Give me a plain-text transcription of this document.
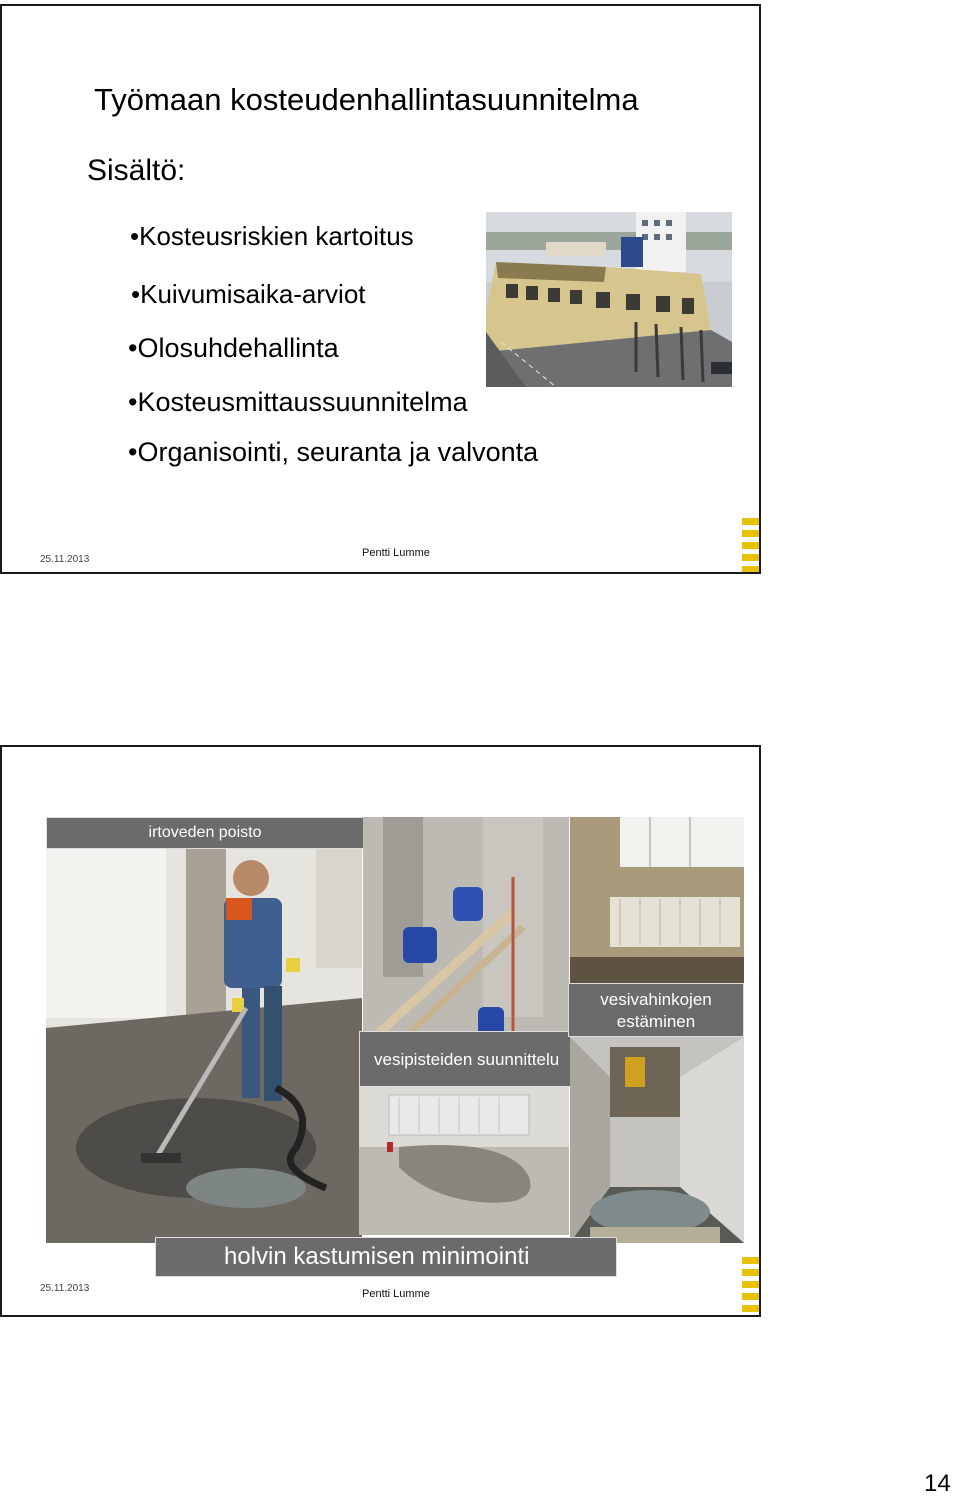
Työmaan kosteudenhallintasuunnitelma
Sisältö:
• Kosteusriskien kartoitus
• Kuivumisaika-arviot
• Olosuhdehallinta
• Kosteusmittaussuunnitelma
• Organisointi, seuranta ja valvonta
25.11.2013
Pentti Lumme
irtoveden poisto
vesipisteiden suunnittelu
vesivahinkojen estäminen
holvin kastumisen minimointi
25.11.2013	Pentti Lumme
14
